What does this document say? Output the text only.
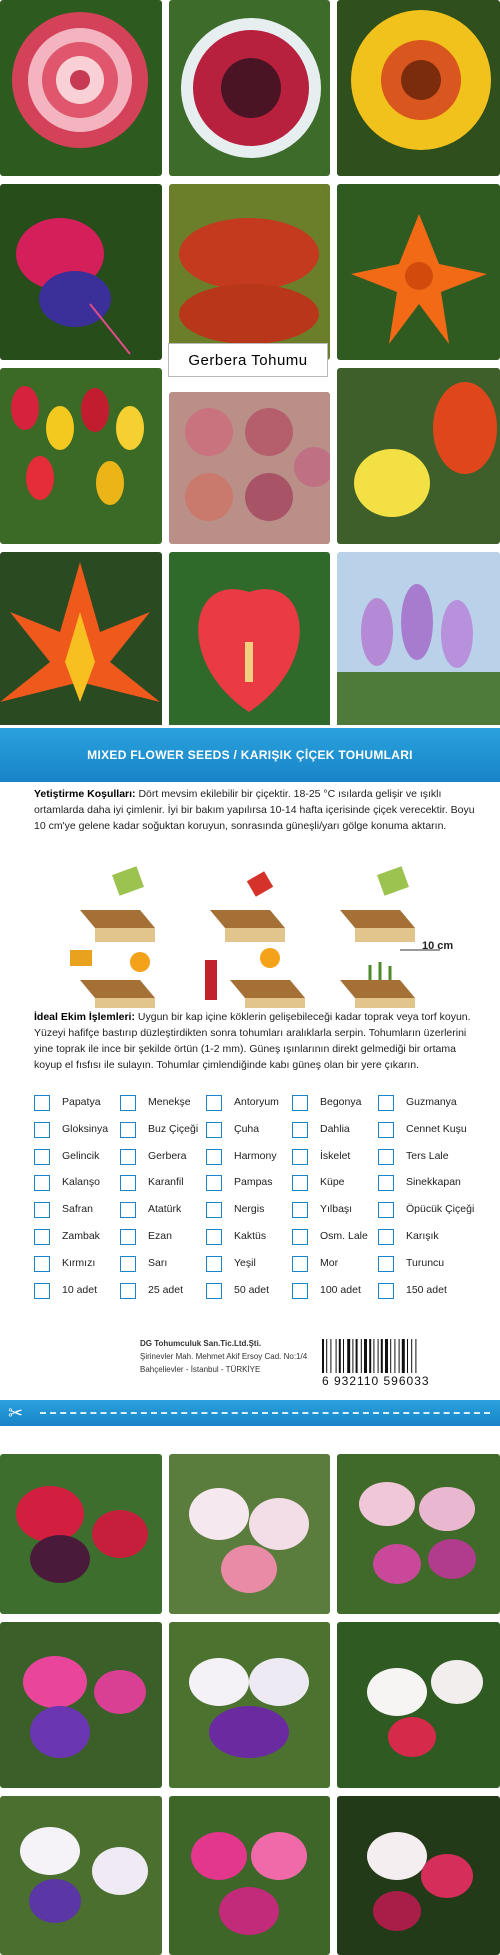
Gerbera Tohumu
MIXED FLOWER SEEDS / KARIŞIK ÇİÇEK TOHUMLARI
Yetiştirme Koşulları: Dört mevsim ekilebilir bir çiçektir. 18-25 °C ısılarda gelişir ve ışıklı ortamlarda daha iyi çimlenir. İyi bir bakım yapılırsa 10-14 hafta içerisinde çiçek verecektir. Boyu 10 cm'ye gelene kadar soğuktan koruyun, sonrasında güneşli/yarı gölge konuma aktarın.
10 cm
İdeal Ekim İşlemleri: Uygun bir kap içine köklerin gelişebileceği kadar toprak veya torf koyun. Yüzeyi hafifçe bastırıp düzleştirdikten sonra tohumları aralıklarla serpin. Tohumların üzerlerini yine toprak ile ince bir şekilde örtün (1-2 mm). Güneş ışınlarının direkt gelmediği bir ortama koyup el fısfısı ile sulayın. Tohumlar çimlendiğinde kabı güneş olan bir yere çıkarın.
Papatya	Menekşe	Antoryum	Begonya	Guzmanya
Gloksinya	Buz Çiçeği	Çuha	Dahlia	Cennet Kuşu
Gelincik	Gerbera	Harmony	İskelet	Ters Lale
Kalanşo	Karanfil	Pampas	Küpe	Sinekkapan
Safran	Atatürk	Nergis	Yılbaşı	Öpücük Çiçeği
Zambak	Ezan	Kaktüs	Osm. Lale	Karışık
Kırmızı	Sarı	Yeşil	Mor	Turuncu
10 adet	25 adet	50 adet	100 adet	150 adet
DG Tohumculuk San.Tic.Ltd.Şti.
Şirinevler Mah. Mehmet Akif Ersoy Cad. No:1/4
Bahçelievler - İstanbul - TÜRKİYE
6 932110 596033
✂
